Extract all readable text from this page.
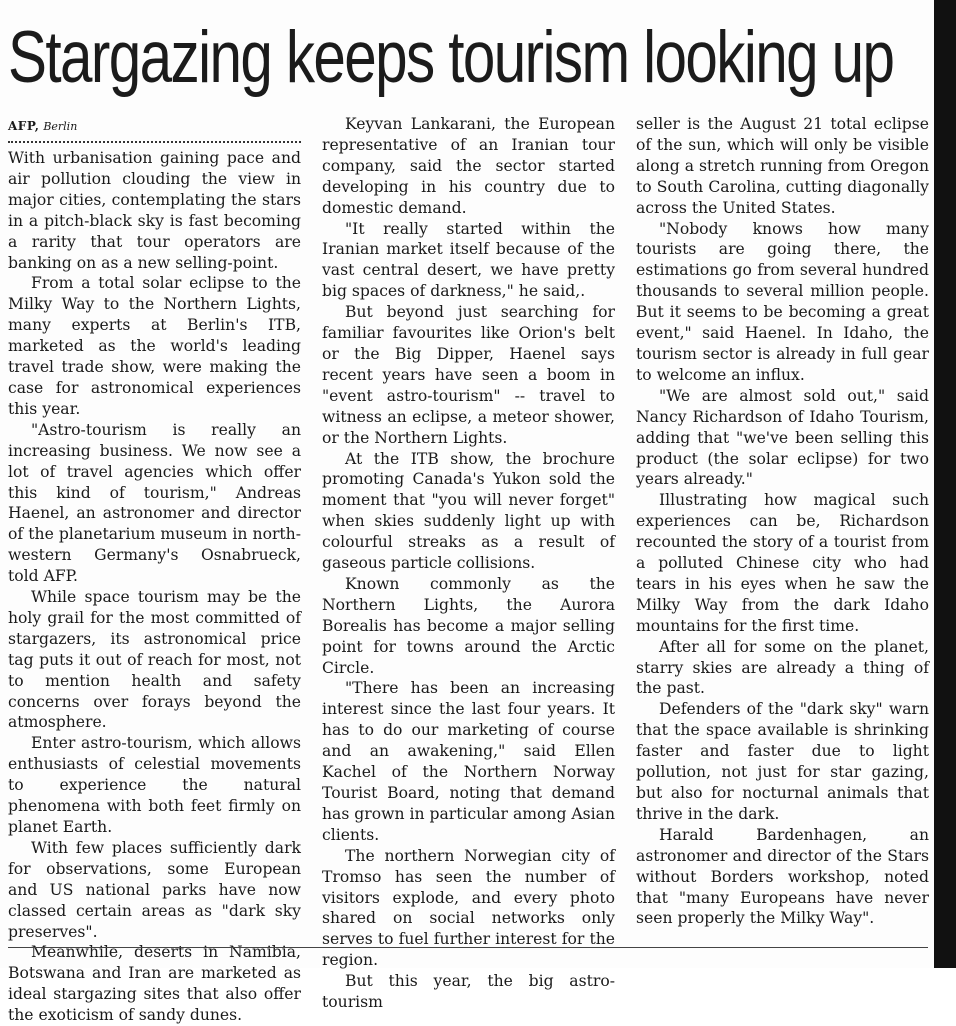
Stargazing keeps tourism looking up
AFP, Berlin

With urbanisation gaining pace and air pollution clouding the view in major cities, contemplating the stars in a pitch-black sky is fast becoming a rarity that tour operators are banking on as a new selling-point.

From a total solar eclipse to the Milky Way to the Northern Lights, many experts at Berlin's ITB, marketed as the world's leading travel trade show, were making the case for astronomical experiences this year.

"Astro-tourism is really an increasing business. We now see a lot of travel agencies which offer this kind of tourism," Andreas Haenel, an astronomer and director of the planetarium museum in north-western Germany's Osnabrueck, told AFP.

While space tourism may be the holy grail for the most committed of stargazers, its astronomical price tag puts it out of reach for most, not to mention health and safety concerns over forays beyond the atmosphere.

Enter astro-tourism, which allows enthusiasts of celestial movements to experience the natural phenomena with both feet firmly on planet Earth.

With few places sufficiently dark for observations, some European and US national parks have now classed certain areas as "dark sky preserves".

Meanwhile, deserts in Namibia, Botswana and Iran are marketed as ideal stargazing sites that also offer the exoticism of sandy dunes.

Keyvan Lankarani, the European representative of an Iranian tour company, said the sector started developing in his country due to domestic demand.

"It really started within the Iranian market itself because of the vast central desert, we have pretty big spaces of darkness," he said,.

But beyond just searching for familiar favourites like Orion's belt or the Big Dipper, Haenel says recent years have seen a boom in "event astro-tourism" -- travel to witness an eclipse, a meteor shower, or the Northern Lights.

At the ITB show, the brochure promoting Canada's Yukon sold the moment that "you will never forget" when skies suddenly light up with colourful streaks as a result of gaseous particle collisions.

Known commonly as the Northern Lights, the Aurora Borealis has become a major selling point for towns around the Arctic Circle.

"There has been an increasing interest since the last four years. It has to do our marketing of course and an awakening," said Ellen Kachel of the Northern Norway Tourist Board, noting that demand has grown in particular among Asian clients.

The northern Norwegian city of Tromso has seen the number of visitors explode, and every photo shared on social networks only serves to fuel further interest for the region.

But this year, the big astro-tourism

seller is the August 21 total eclipse of the sun, which will only be visible along a stretch running from Oregon to South Carolina, cutting diagonally across the United States.

"Nobody knows how many tourists are going there, the estimations go from several hundred thousands to several million people. But it seems to be becoming a great event," said Haenel. In Idaho, the tourism sector is already in full gear to welcome an influx.

"We are almost sold out," said Nancy Richardson of Idaho Tourism, adding that "we've been selling this product (the solar eclipse) for two years already."

Illustrating how magical such experiences can be, Richardson recounted the story of a tourist from a polluted Chinese city who had tears in his eyes when he saw the Milky Way from the dark Idaho mountains for the first time.

After all for some on the planet, starry skies are already a thing of the past.

Defenders of the "dark sky" warn that the space available is shrinking faster and faster due to light pollution, not just for star gazing, but also for nocturnal animals that thrive in the dark.

Harald Bardenhagen, an astronomer and director of the Stars without Borders workshop, noted that "many Europeans have never seen properly the Milky Way".
